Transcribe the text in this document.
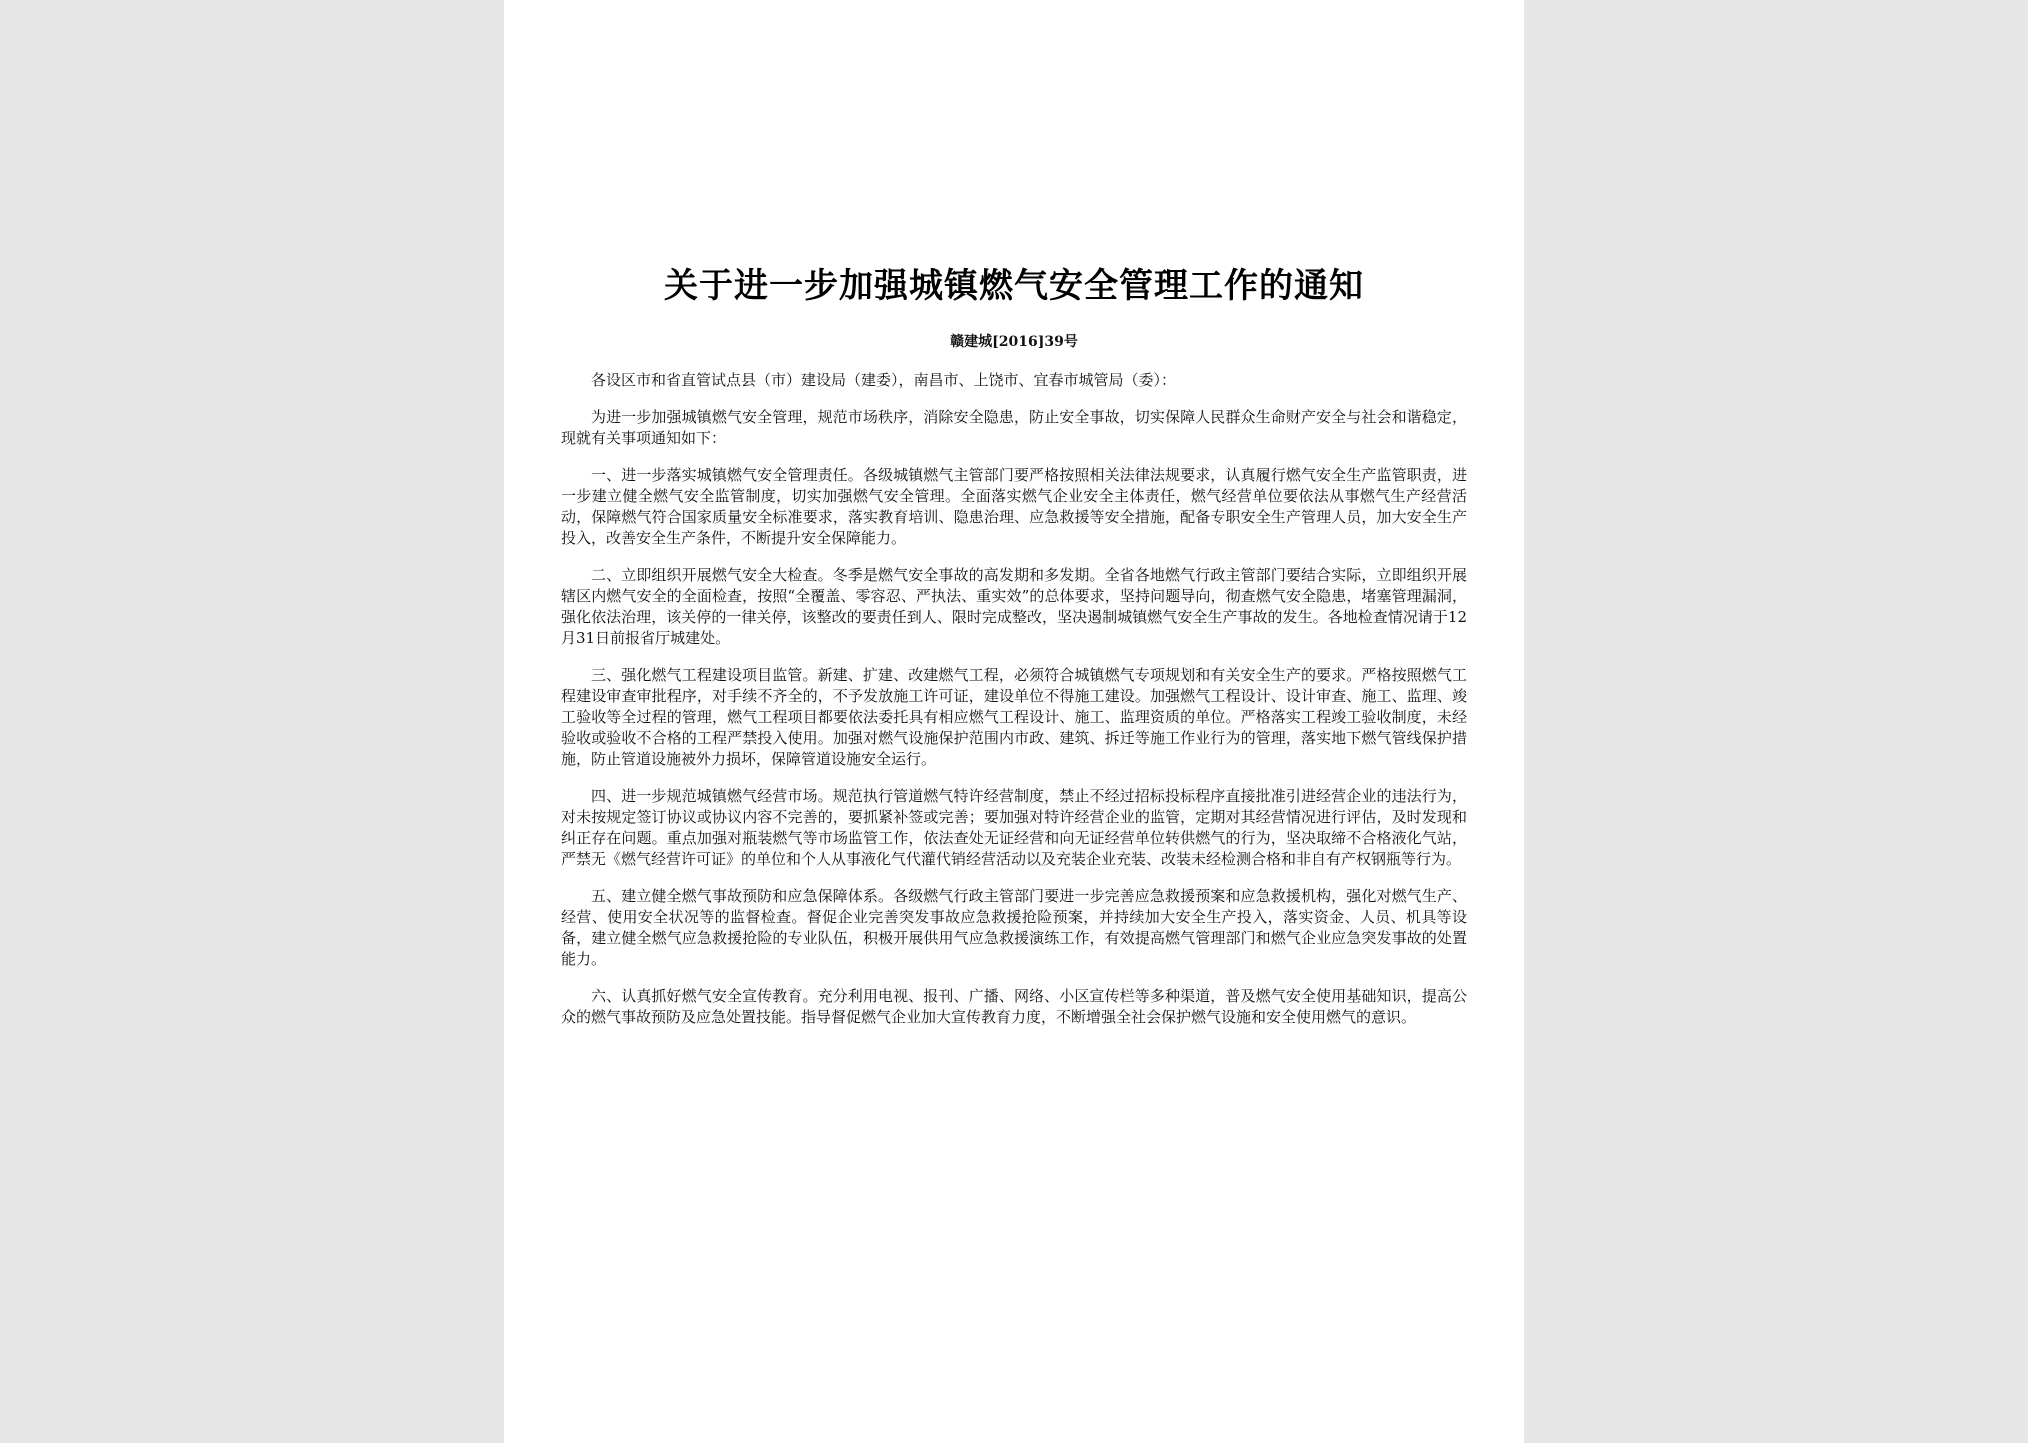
关于进一步加强城镇燃气安全管理工作的通知
赣建城[2016]39号

各设区市和省直管试点县（市）建设局（建委），南昌市、上饶市、宜春市城管局（委）：

为进一步加强城镇燃气安全管理，规范市场秩序，消除安全隐患，防止安全事故，切实保障人民群众生命财产安全与社会和谐稳定，现就有关事项通知如下：

一、进一步落实城镇燃气安全管理责任。各级城镇燃气主管部门要严格按照相关法律法规要求，认真履行燃气安全生产监管职责，进一步建立健全燃气安全监管制度，切实加强燃气安全管理。全面落实燃气企业安全主体责任，燃气经营单位要依法从事燃气生产经营活动，保障燃气符合国家质量安全标准要求，落实教育培训、隐患治理、应急救援等安全措施，配备专职安全生产管理人员，加大安全生产投入，改善安全生产条件，不断提升安全保障能力。

二、立即组织开展燃气安全大检查。冬季是燃气安全事故的高发期和多发期。全省各地燃气行政主管部门要结合实际，立即组织开展辖区内燃气安全的全面检查，按照“全覆盖、零容忍、严执法、重实效”的总体要求，坚持问题导向，彻查燃气安全隐患，堵塞管理漏洞，强化依法治理，该关停的一律关停，该整改的要责任到人、限时完成整改，坚决遏制城镇燃气安全生产事故的发生。各地检查情况请于12月31日前报省厅城建处。

三、强化燃气工程建设项目监管。新建、扩建、改建燃气工程，必须符合城镇燃气专项规划和有关安全生产的要求。严格按照燃气工程建设审查审批程序，对手续不齐全的，不予发放施工许可证，建设单位不得施工建设。加强燃气工程设计、设计审查、施工、监理、竣工验收等全过程的管理，燃气工程项目都要依法委托具有相应燃气工程设计、施工、监理资质的单位。严格落实工程竣工验收制度，未经验收或验收不合格的工程严禁投入使用。加强对燃气设施保护范围内市政、建筑、拆迁等施工作业行为的管理，落实地下燃气管线保护措施，防止管道设施被外力损坏，保障管道设施安全运行。

四、进一步规范城镇燃气经营市场。规范执行管道燃气特许经营制度，禁止不经过招标投标程序直接批准引进经营企业的违法行为，对未按规定签订协议或协议内容不完善的，要抓紧补签或完善；要加强对特许经营企业的监管，定期对其经营情况进行评估，及时发现和纠正存在问题。重点加强对瓶装燃气等市场监管工作，依法查处无证经营和向无证经营单位转供燃气的行为，坚决取缔不合格液化气站，严禁无《燃气经营许可证》的单位和个人从事液化气代灌代销经营活动以及充装企业充装、改装未经检测合格和非自有产权钢瓶等行为。

五、建立健全燃气事故预防和应急保障体系。各级燃气行政主管部门要进一步完善应急救援预案和应急救援机构，强化对燃气生产、经营、使用安全状况等的监督检查。督促企业完善突发事故应急救援抢险预案，并持续加大安全生产投入，落实资金、人员、机具等设备，建立健全燃气应急救援抢险的专业队伍，积极开展供用气应急救援演练工作，有效提高燃气管理部门和燃气企业应急突发事故的处置能力。

六、认真抓好燃气安全宣传教育。充分利用电视、报刊、广播、网络、小区宣传栏等多种渠道，普及燃气安全使用基础知识，提高公众的燃气事故预防及应急处置技能。指导督促燃气企业加大宣传教育力度，不断增强全社会保护燃气设施和安全使用燃气的意识。
